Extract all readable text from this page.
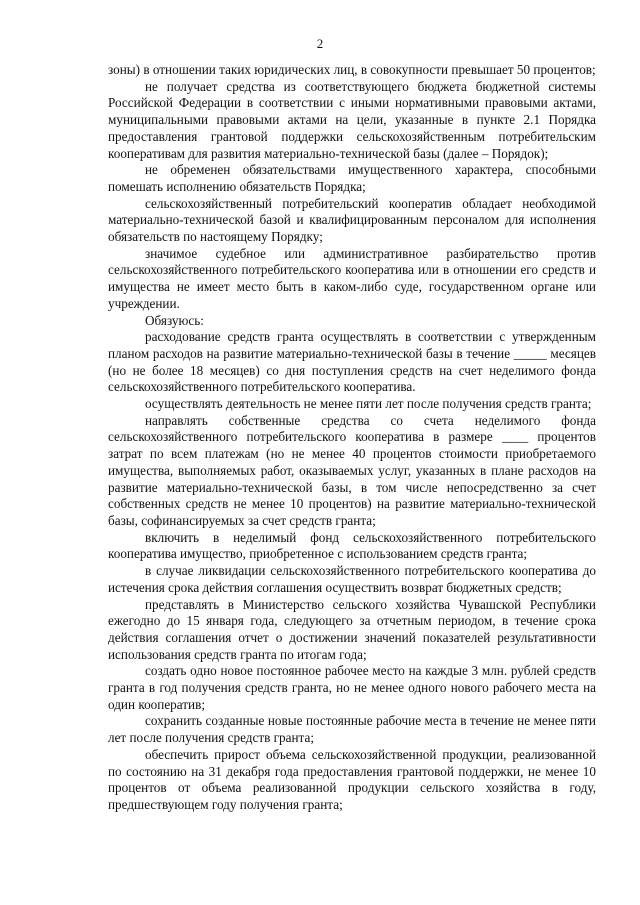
2

зоны) в отношении таких юридических лиц, в совокупности превышает 50 процентов;

не получает средства из соответствующего бюджета бюджетной системы Российской Федерации в соответствии с иными нормативными правовыми актами, муниципальными правовыми актами на цели, указанные в пункте 2.1 Порядка предоставления грантовой поддержки сельскохозяйственным потребительским кооперативам для развития материально-технической базы (далее – Порядок);

не обременен обязательствами имущественного характера, способными помешать исполнению обязательств Порядка;

сельскохозяйственный потребительский кооператив обладает необходимой материально-технической базой и квалифицированным персоналом для исполнения обязательств по настоящему Порядку;

значимое судебное или административное разбирательство против сельскохозяйственного потребительского кооператива или в отношении его средств и имущества не имеет место быть в каком-либо суде, государственном органе или учреждении.

Обязуюсь:

расходование средств гранта осуществлять в соответствии с утвержденным планом расходов на развитие материально-технической базы в течение _____ месяцев (но не более 18 месяцев) со дня поступления средств на счет неделимого фонда сельскохозяйственного потребительского кооператива.

осуществлять деятельность не менее пяти лет после получения средств гранта;

направлять собственные средства со счета неделимого фонда сельскохозяйственного потребительского кооператива в размере ____ процентов затрат по всем платежам (но не менее 40 процентов стоимости приобретаемого имущества, выполняемых работ, оказываемых услуг, указанных в плане расходов на развитие материально-технической базы, в том числе непосредственно за счет собственных средств не менее 10 процентов) на развитие материально-технической базы, софинансируемых за счет средств гранта;

включить в неделимый фонд сельскохозяйственного потребительского кооператива имущество, приобретенное с использованием средств гранта;

в случае ликвидации сельскохозяйственного потребительского кооператива до истечения срока действия соглашения осуществить возврат бюджетных средств;

представлять в Министерство сельского хозяйства Чувашской Республики ежегодно до 15 января года, следующего за отчетным периодом, в течение срока действия соглашения отчет о достижении значений показателей результативности использования средств гранта по итогам года;

создать одно новое постоянное рабочее место на каждые 3 млн. рублей средств гранта в год получения средств гранта, но не менее одного нового рабочего места на один кооператив;

сохранить созданные новые постоянные рабочие места в течение не менее пяти лет после получения средств гранта;

обеспечить прирост объема сельскохозяйственной продукции, реализованной по состоянию на 31 декабря года предоставления грантовой поддержки, не менее 10 процентов от объема реализованной продукции сельского хозяйства в году, предшествующем году получения гранта;
